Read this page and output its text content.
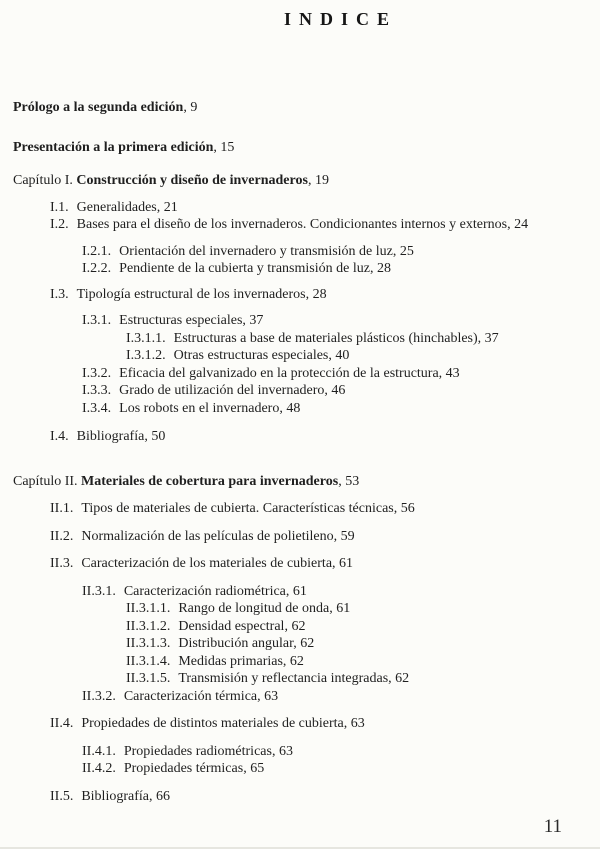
INDICE
Prólogo a la segunda edición , 9
Presentación a la primera edición , 15
Capítulo I. Construcción y diseño de invernaderos , 19
I.1. Generalidades , 21
I.2. Bases para el diseño de los invernaderos. Condicionantes internos y externos , 24
I.2.1. Orientación del invernadero y transmisión de luz , 25
I.2.2. Pendiente de la cubierta y transmisión de luz , 28
I.3. Tipología estructural de los invernaderos , 28
I.3.1. Estructuras especiales , 37
I.3.1.1. Estructuras a base de materiales plásticos (hinchables) , 37
I.3.1.2. Otras estructuras especiales , 40
I.3.2. Eficacia del galvanizado en la protección de la estructura , 43
I.3.3. Grado de utilización del invernadero , 46
I.3.4. Los robots en el invernadero , 48
I.4. Bibliografía , 50
Capítulo II. Materiales de cobertura para invernaderos , 53
II.1. Tipos de materiales de cubierta. Características técnicas , 56
II.2. Normalización de las películas de polietileno , 59
II.3. Caracterización de los materiales de cubierta , 61
II.3.1. Caracterización radiométrica , 61
II.3.1.1. Rango de longitud de onda , 61
II.3.1.2. Densidad espectral , 62
II.3.1.3. Distribución angular , 62
II.3.1.4. Medidas primarias , 62
II.3.1.5. Transmisión y reflectancia integradas , 62
II.3.2. Caracterización térmica , 63
II.4. Propiedades de distintos materiales de cubierta , 63
II.4.1. Propiedades radiométricas , 63
II.4.2. Propiedades térmicas , 65
II.5. Bibliografía , 66
11
